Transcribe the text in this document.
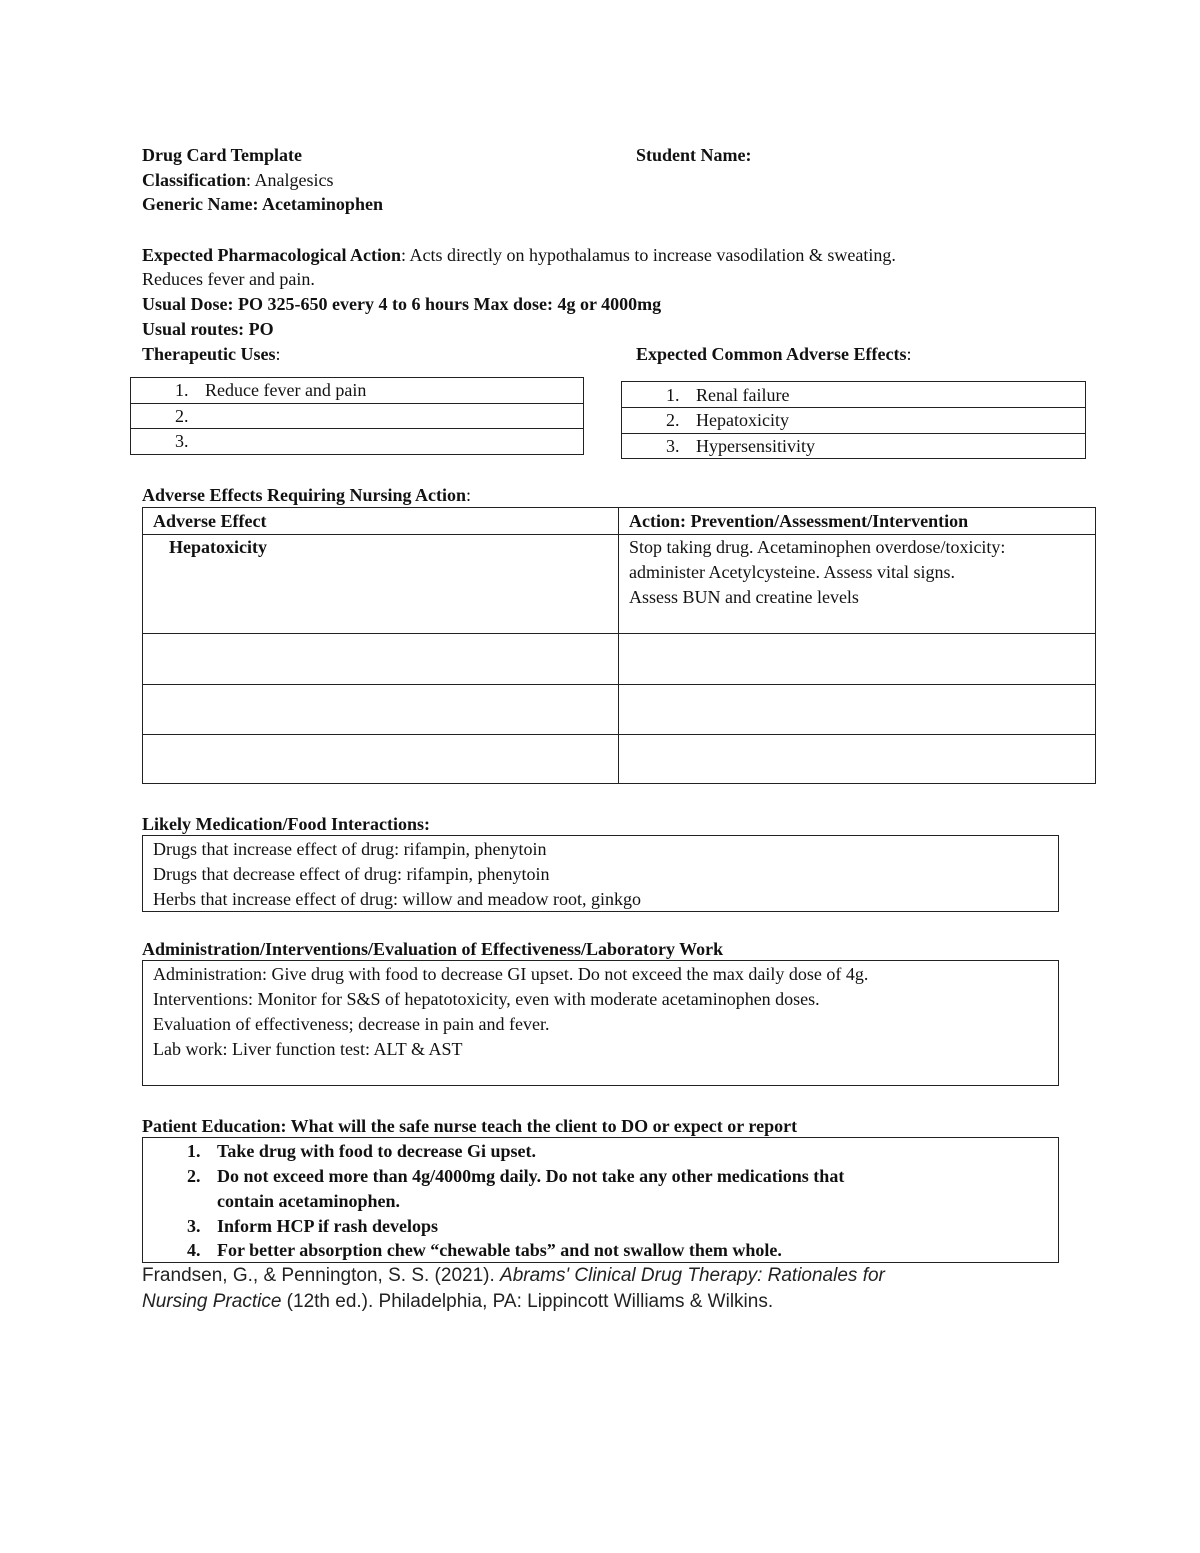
Drug Card Template	Student Name:
Classification: Analgesics
Generic Name: Acetaminophen
Expected Pharmacological Action: Acts directly on hypothalamus to increase vasodilation & sweating.
Reduces fever and pain.
Usual Dose: PO 325-650 every 4 to 6 hours Max dose: 4g or 4000mg
Usual routes: PO
Therapeutic Uses:	Expected Common Adverse Effects:
1. Reduce fever and pain
2.
3.
1. Renal failure
2. Hepatoxicity
3. Hypersensitivity
Adverse Effects Requiring Nursing Action:
Adverse Effect	Action: Prevention/Assessment/Intervention
Hepatoxicity	Stop taking drug. Acetaminophen overdose/toxicity:
administer Acetylcysteine. Assess vital signs.
Assess BUN and creatine levels
Likely Medication/Food Interactions:
Drugs that increase effect of drug: rifampin, phenytoin
Drugs that decrease effect of drug: rifampin, phenytoin
Herbs that increase effect of drug: willow and meadow root, ginkgo
Administration/Interventions/Evaluation of Effectiveness/Laboratory Work
Administration: Give drug with food to decrease GI upset. Do not exceed the max daily dose of 4g.
Interventions: Monitor for S&S of hepatotoxicity, even with moderate acetaminophen doses.
Evaluation of effectiveness; decrease in pain and fever.
Lab work: Liver function test: ALT & AST
Patient Education: What will the safe nurse teach the client to DO or expect or report
1. Take drug with food to decrease Gi upset.
2. Do not exceed more than 4g/4000mg daily. Do not take any other medications that
contain acetaminophen.
3. Inform HCP if rash develops
4. For better absorption chew “chewable tabs” and not swallow them whole.
Frandsen, G., & Pennington, S. S. (2021). Abrams' Clinical Drug Therapy: Rationales for
Nursing Practice (12th ed.). Philadelphia, PA: Lippincott Williams & Wilkins.
